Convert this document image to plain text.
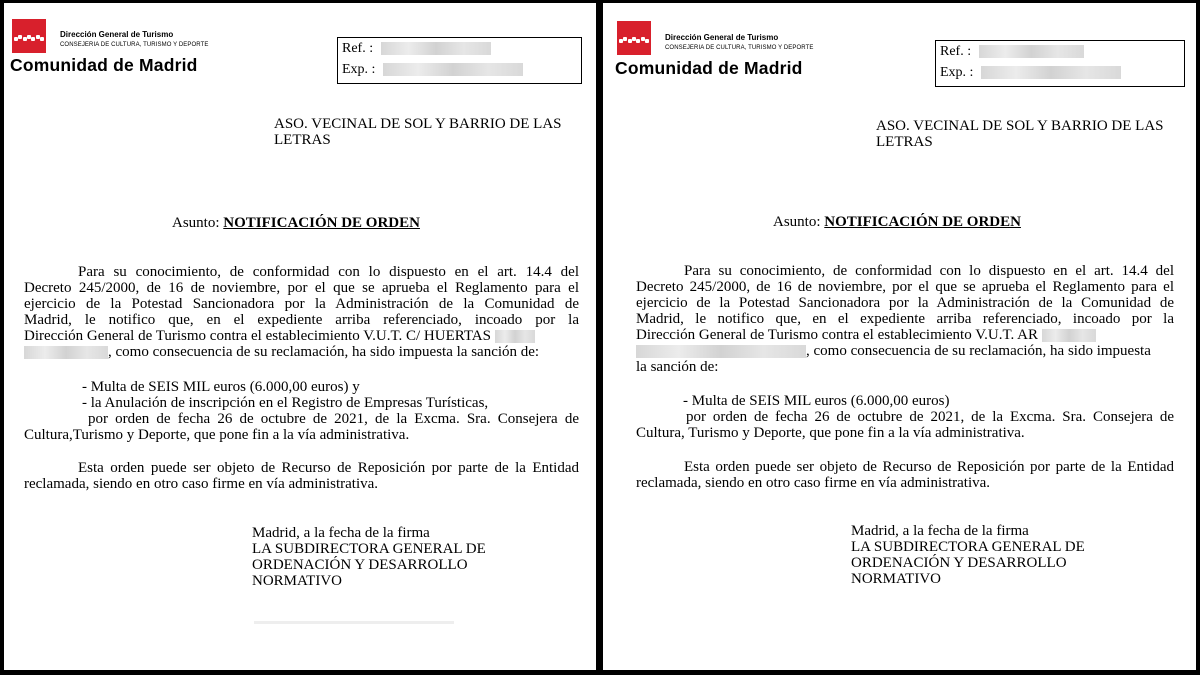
Dirección General de Turismo
CONSEJERIA DE CULTURA, TURISMO Y DEPORTE
Comunidad de Madrid
Ref. :
Exp. :
ASO. VECINAL DE SOL Y BARRIO DE LAS
LETRAS
Asunto: NOTIFICACIÓN DE ORDEN
Para su conocimiento, de conformidad con lo dispuesto en el art. 14.4 del
Decreto 245/2000, de 16 de noviembre, por el que se aprueba el Reglamento para el
ejercicio de la Potestad Sancionadora por la Administración de la Comunidad de
Madrid, le notifico que, en el expediente arriba referenciado, incoado por la
Dirección General de Turismo contra el establecimiento V.U.T. C/ HUERTAS
, como consecuencia de su reclamación, ha sido impuesta la sanción de:
- Multa de SEIS MIL euros (6.000,00 euros) y
- la Anulación de inscripción en el Registro de Empresas Turísticas,
por orden de fecha 26 de octubre de 2021, de la Excma. Sra. Consejera de
Cultura,Turismo y Deporte, que pone fin a la vía administrativa.
Esta orden puede ser objeto de Recurso de Reposición por parte de la Entidad
reclamada, siendo en otro caso firme en vía administrativa.
Madrid, a la fecha de la firma
LA SUBDIRECTORA GENERAL DE
ORDENACIÓN Y DESARROLLO
NORMATIVO
Dirección General de Turismo
CONSEJERIA DE CULTURA, TURISMO Y DEPORTE
Comunidad de Madrid
Ref. :
Exp. :
ASO. VECINAL DE SOL Y BARRIO DE LAS
LETRAS
Asunto: NOTIFICACIÓN DE ORDEN
Para su conocimiento, de conformidad con lo dispuesto en el art. 14.4 del
Decreto 245/2000, de 16 de noviembre, por el que se aprueba el Reglamento para el
ejercicio de la Potestad Sancionadora por la Administración de la Comunidad de
Madrid, le notifico que, en el expediente arriba referenciado, incoado por la
Dirección General de Turismo contra el establecimiento V.U.T. AR
, como consecuencia de su reclamación, ha sido impuesta
la sanción de:
- Multa de SEIS MIL euros (6.000,00 euros)
por orden de fecha 26 de octubre de 2021, de la Excma. Sra. Consejera de
Cultura, Turismo y Deporte, que pone fin a la vía administrativa.
Esta orden puede ser objeto de Recurso de Reposición por parte de la Entidad
reclamada, siendo en otro caso firme en vía administrativa.
Madrid, a la fecha de la firma
LA SUBDIRECTORA GENERAL DE
ORDENACIÓN Y DESARROLLO
NORMATIVO
